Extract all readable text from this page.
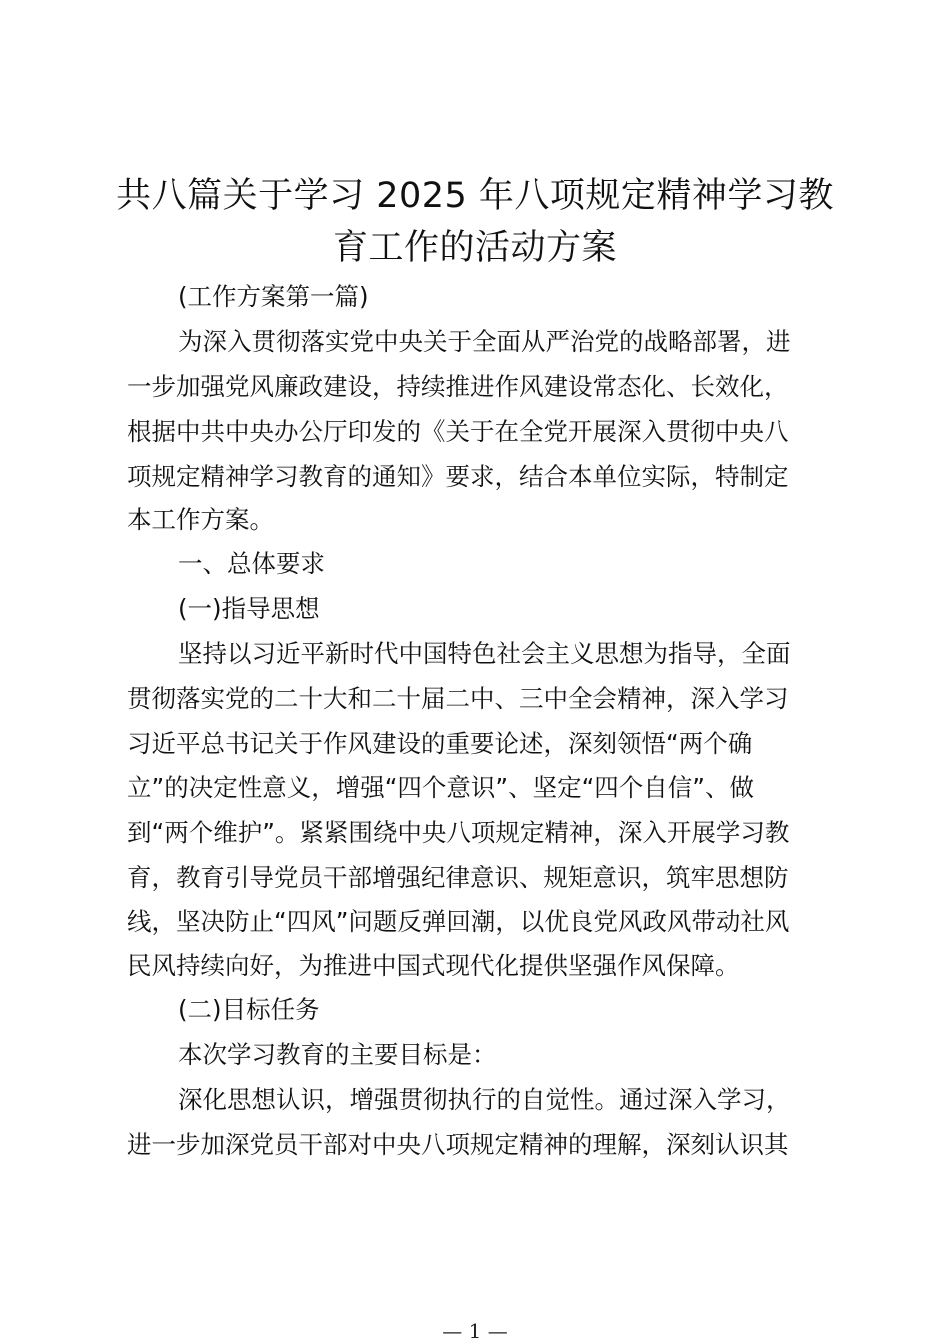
共八篇关于学习 2025 年八项规定精神学习教
育工作的活动方案
(工作方案第一篇)
为深入贯彻落实党中央关于全面从严治党的战略部署，进
一步加强党风廉政建设，持续推进作风建设常态化、长效化，
根据中共中央办公厅印发的《关于在全党开展深入贯彻中央八
项规定精神学习教育的通知》要求，结合本单位实际，特制定
本工作方案。
一、总体要求
(一)指导思想
坚持以习近平新时代中国特色社会主义思想为指导，全面
贯彻落实党的二十大和二十届二中、三中全会精神，深入学习
习近平总书记关于作风建设的重要论述，深刻领悟“两个确
立”的决定性意义，增强“四个意识”、坚定“四个自信”、做
到“两个维护”。紧紧围绕中央八项规定精神，深入开展学习教
育，教育引导党员干部增强纪律意识、规矩意识，筑牢思想防
线，坚决防止“四风”问题反弹回潮，以优良党风政风带动社风
民风持续向好，为推进中国式现代化提供坚强作风保障。
(二)目标任务
本次学习教育的主要目标是：
深化思想认识，增强贯彻执行的自觉性。通过深入学习，
进一步加深党员干部对中央八项规定精神的理解，深刻认识其
— 1 —
